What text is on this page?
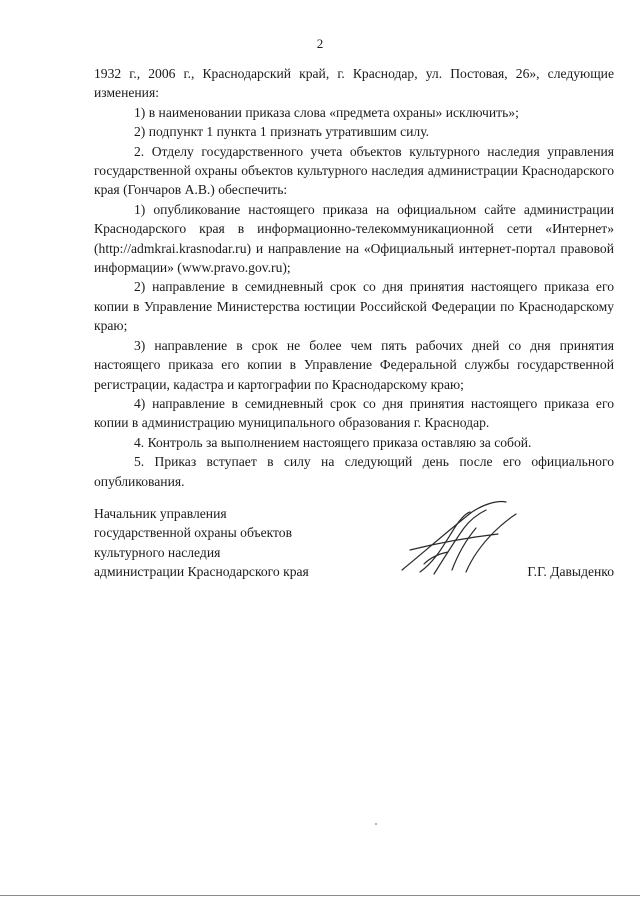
2

1932 г., 2006 г., Краснодарский край, г. Краснодар, ул. Постовая, 26», следующие изменения:

1) в наименовании приказа слова «предмета охраны» исключить»;

2) подпункт 1 пункта 1 признать утратившим силу.

2. Отделу государственного учета объектов культурного наследия управления государственной охраны объектов культурного наследия администрации Краснодарского края (Гончаров А.В.) обеспечить:

1) опубликование настоящего приказа на официальном сайте администрации Краснодарского края в информационно-телекоммуникационной сети «Интернет» (http://admkrai.krasnodar.ru) и направление на «Официальный интернет-портал правовой информации» (www.pravo.gov.ru);

2) направление в семидневный срок со дня принятия настоящего приказа его копии в Управление Министерства юстиции Российской Федерации по Краснодарскому краю;

3) направление в срок не более чем пять рабочих дней со дня принятия настоящего приказа его копии в Управление Федеральной службы государственной регистрации, кадастра и картографии по Краснодарскому краю;

4) направление в семидневный срок со дня принятия настоящего приказа его копии в администрацию муниципального образования г. Краснодар.

4. Контроль за выполнением настоящего приказа оставляю за собой.

5. Приказ вступает в силу на следующий день после его официального опубликования.

Начальник управления

государственной охраны объектов

культурного наследия

администрации Краснодарского края	Г.Г. Давыденко
